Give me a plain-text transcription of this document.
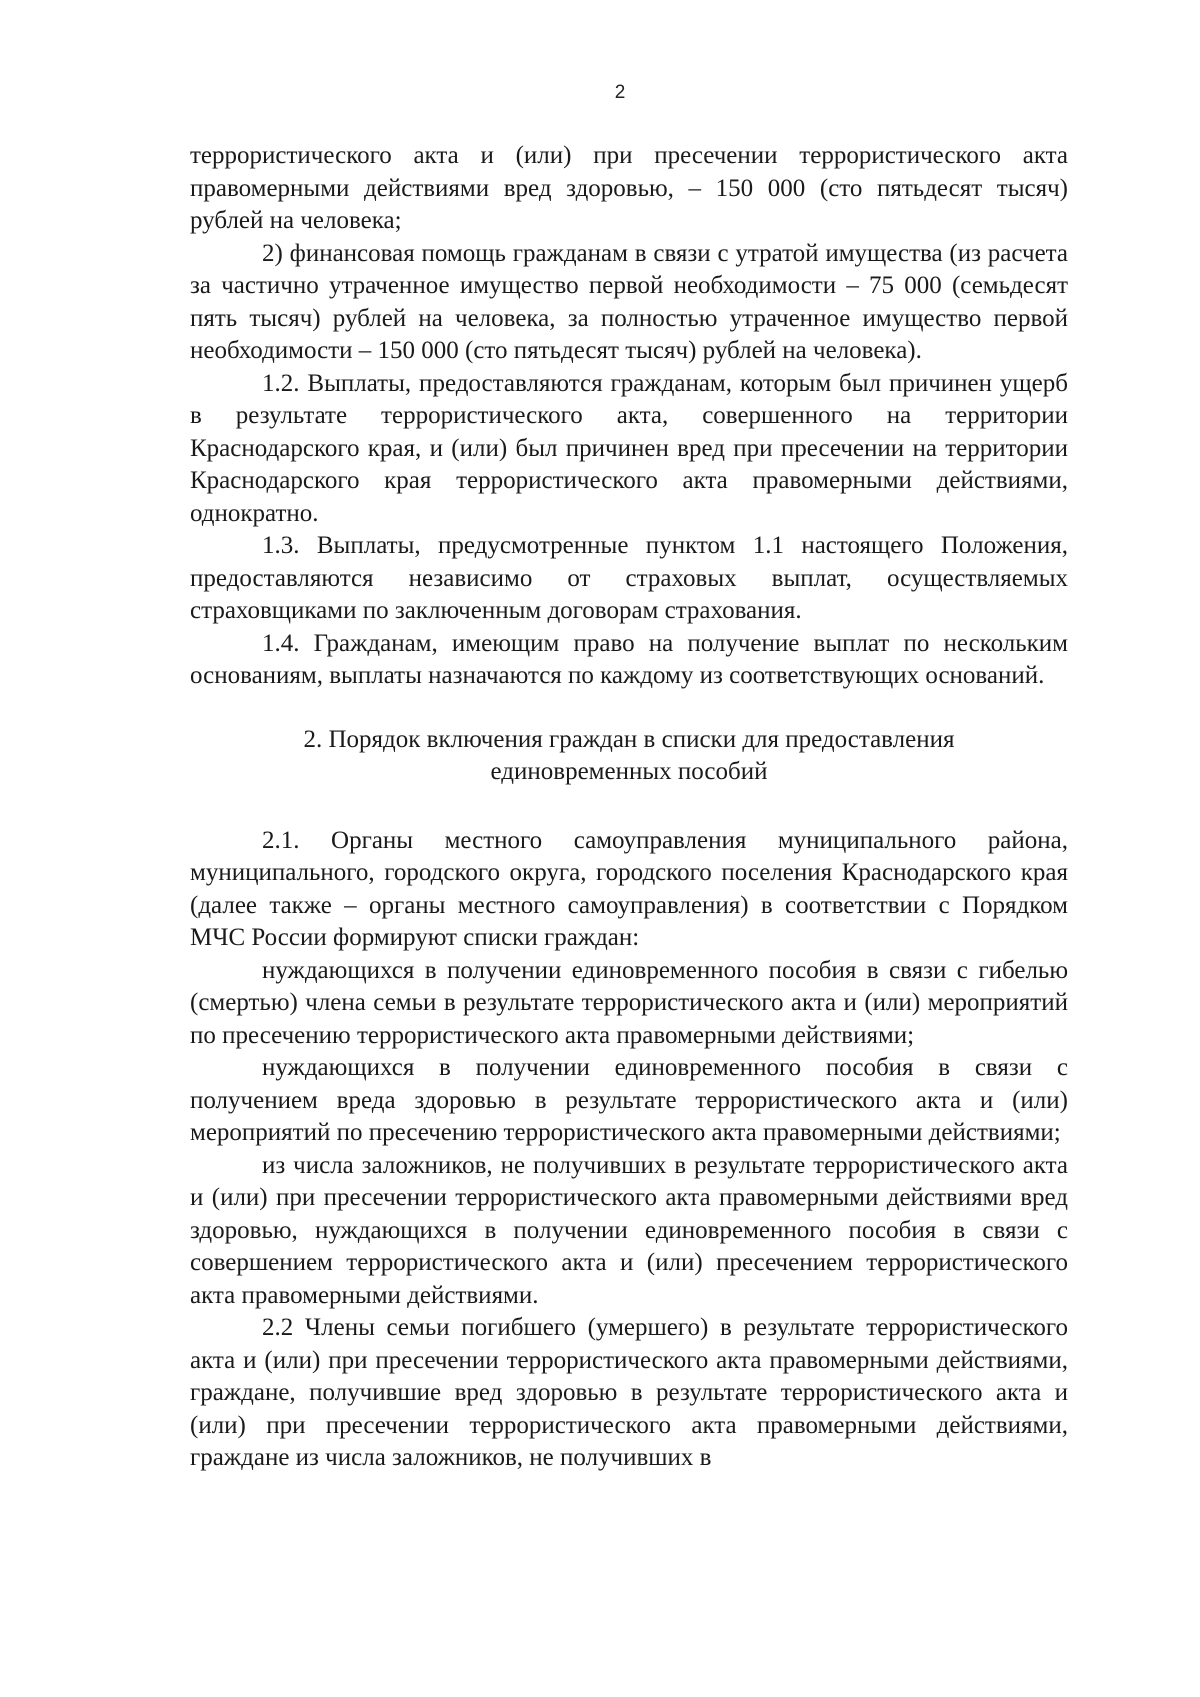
2

террористического акта и (или) при пресечении террористического акта правомерными действиями вред здоровью, – 150 000 (сто пятьдесят тысяч) рублей на человека;

2) финансовая помощь гражданам в связи с утратой имущества (из расчета за частично утраченное имущество первой необходимости – 75 000 (семьдесят пять тысяч) рублей на человека, за полностью утраченное имущество первой необходимости – 150 000 (сто пятьдесят тысяч) рублей на человека).

1.2. Выплаты, предоставляются гражданам, которым был причинен ущерб в результате террористического акта, совершенного на территории Краснодарского края, и (или) был причинен вред при пресечении на территории Краснодарского края террористического акта правомерными действиями, однократно.

1.3. Выплаты, предусмотренные пунктом 1.1 настоящего Положения, предоставляются независимо от страховых выплат, осуществляемых страховщиками по заключенным договорам страхования.

1.4. Гражданам, имеющим право на получение выплат по нескольким основаниям, выплаты назначаются по каждому из соответствующих оснований.

2. Порядок включения граждан в списки для предоставления
единовременных пособий

2.1. Органы местного самоуправления муниципального района, муниципального, городского округа, городского поселения Краснодарского края (далее также – органы местного самоуправления) в соответствии с Порядком МЧС России формируют списки граждан:

нуждающихся в получении единовременного пособия в связи с гибелью (смертью) члена семьи в результате террористического акта и (или) мероприятий по пресечению террористического акта правомерными действиями;

нуждающихся в получении единовременного пособия в связи с получением вреда здоровью в результате террористического акта и (или) мероприятий по пресечению террористического акта правомерными действиями;

из числа заложников, не получивших в результате террористического акта и (или) при пресечении террористического акта правомерными действиями вред здоровью, нуждающихся в получении единовременного пособия в связи с совершением террористического акта и (или) пресечением террористического акта правомерными действиями.

2.2 Члены семьи погибшего (умершего) в результате террористического акта и (или) при пресечении террористического акта правомерными действиями, граждане, получившие вред здоровью в результате террористического акта и (или) при пресечении террористического акта правомерными действиями, граждане из числа заложников, не получивших в
